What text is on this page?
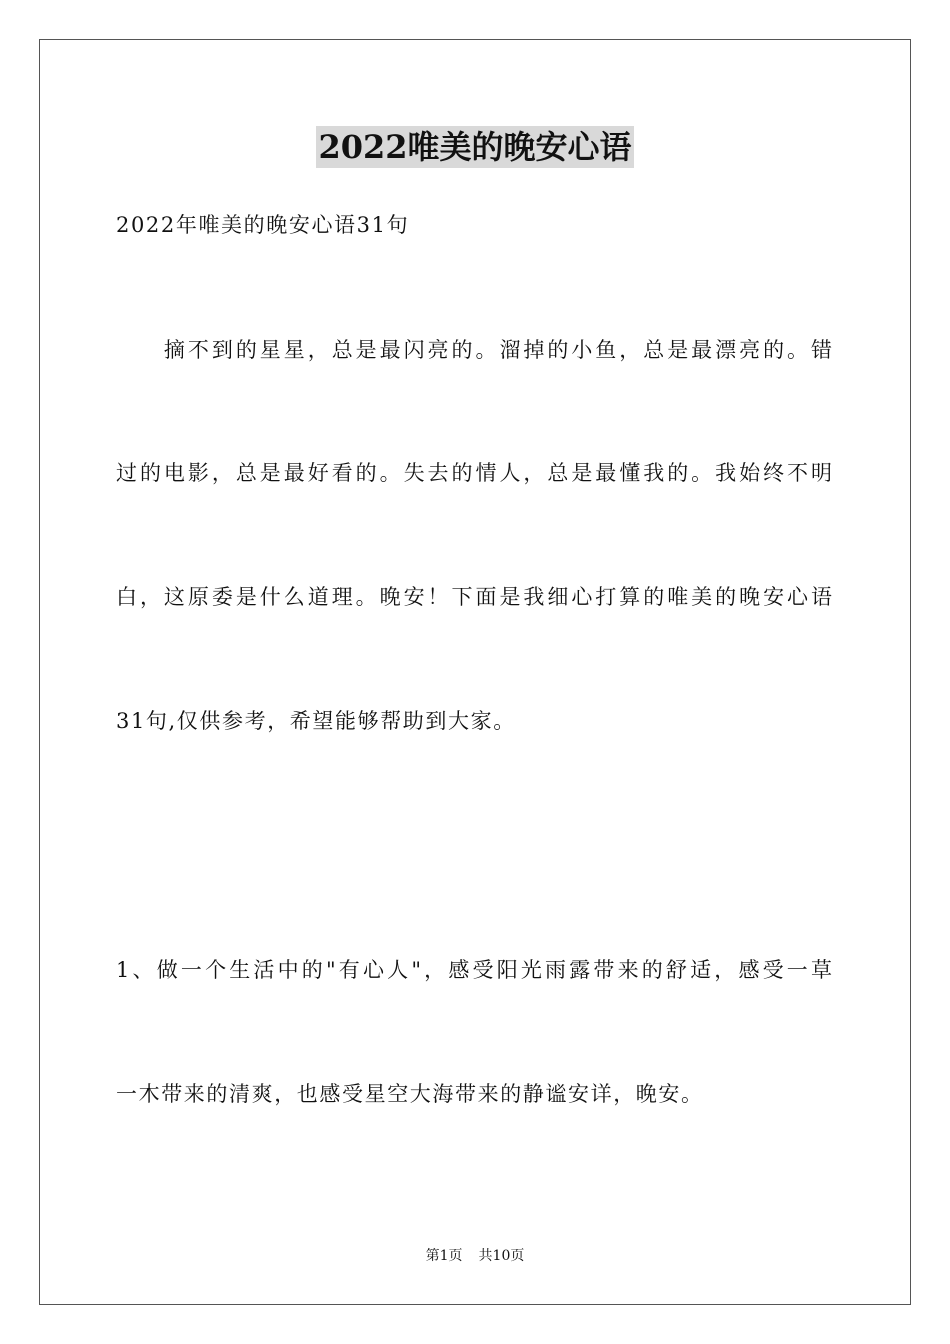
2022唯美的晚安心语
2022年唯美的晚安心语31句
　　摘不到的星星，总是最闪亮的。溜掉的小鱼，总是最漂亮的。错
过的电影，总是最好看的。失去的情人，总是最懂我的。我始终不明
白，这原委是什么道理。晚安！下面是我细心打算的唯美的晚安心语
31句,仅供参考，希望能够帮助到大家。
1、做一个生活中的"有心人"，感受阳光雨露带来的舒适，感受一草
一木带来的清爽，也感受星空大海带来的静谧安详，晚安。
第1页 共10页
